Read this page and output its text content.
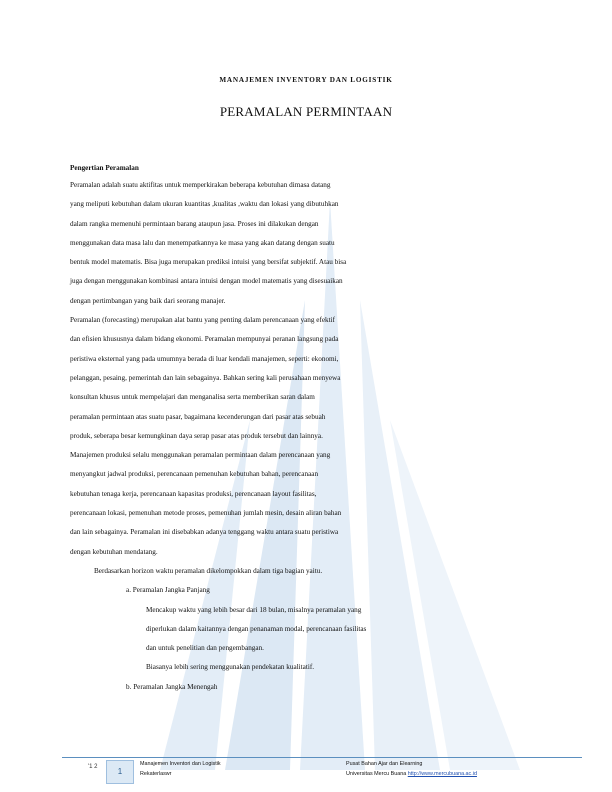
MANAJEMEN INVENTORY DAN LOGISTIK
PERAMALAN PERMINTAAN
Pengertian Peramalan
Peramalan adalah suatu aktifitas untuk memperkirakan beberapa kebutuhan dimasa datang
yang meliputi kebutuhan dalam ukuran kuantitas ,kualitas ,waktu dan lokasi yang dibutuhkan
dalam rangka memenuhi permintaan barang ataupun jasa. Proses ini dilakukan dengan
menggunakan data masa lalu dan menempatkannya ke masa yang akan datang dengan suatu
bentuk model matematis. Bisa juga merupakan prediksi intuisi yang bersifat subjektif. Atau bisa
juga dengan menggunakan kombinasi antara intuisi dengan model matematis yang disesuaikan
dengan pertimbangan yang baik dari seorang manajer.
Peramalan (forecasting) merupakan alat bantu yang penting dalam perencanaan yang efektif
dan efisien khususnya dalam bidang ekonomi. Peramalan mempunyai peranan langsung pada
peristiwa eksternal yang pada umumnya berada di luar kendali manajemen, seperti: ekonomi,
pelanggan, pesaing, pemerintah dan lain sebagainya. Bahkan sering kali perusahaan menyewa
konsultan khusus untuk mempelajari dan menganalisa serta memberikan saran dalam
peramalan permintaan atas suatu pasar, bagaimana kecenderungan dari pasar atas sebuah
produk, seberapa besar kemungkinan daya serap pasar atas produk tersebut dan lainnya.
Manajemen produksi selalu menggunakan peramalan permintaan dalam perencanaan yang
menyangkut jadwal produksi, perencanaan pemenuhan kebutuhan bahan, perencanaan
kebutuhan tenaga kerja, perencanaan kapasitas produksi, perencanaan layout fasilitas,
perencanaan lokasi, pemenuhan metode proses, pemenuhan jumlah mesin, desain aliran bahan
dan lain sebagainya. Peramalan ini disebabkan adanya tenggang waktu antara suatu peristiwa
dengan kebutuhan mendatang.
Berdasarkan horizon waktu peramalan dikelompokkan dalam tiga bagian yaitu.
a. Peramalan Jangka Panjang
Mencakup waktu yang lebih besar dari 18 bulan, misalnya peramalan yang
diperlukan dalam kaitannya dengan penanaman modal, perencanaan fasilitas
dan untuk penelitian dan pengembangan.
Biasanya lebih sering menggunakan pendekatan kualitatif.
b. Peramalan Jangka Menengah
'1 2	1
Manajemen Inventori dan Logistik
Rekaterlaswr
Pusat Bahan Ajar dan Elearning
Universitas Mercu Buana http://www.mercubuana.ac.id
